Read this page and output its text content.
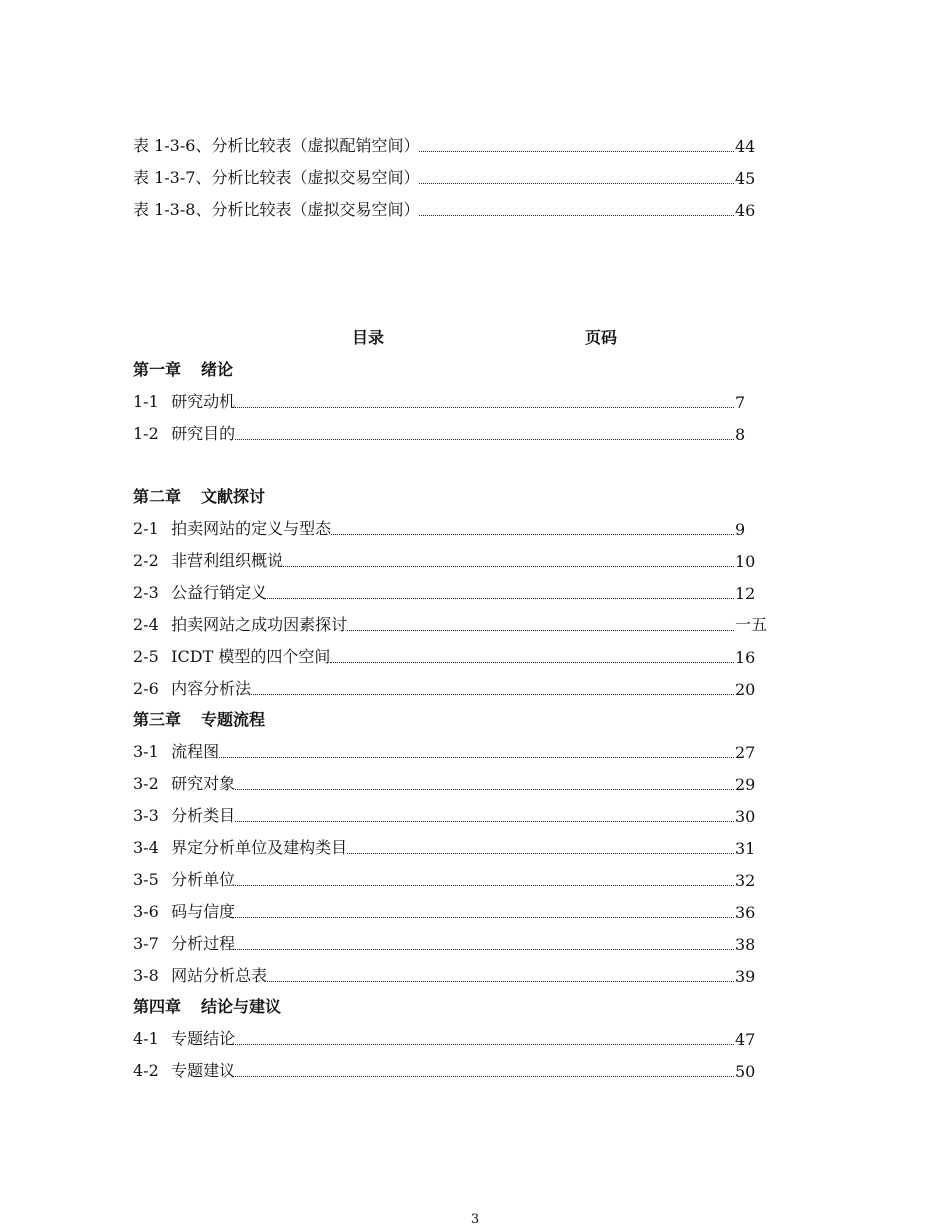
表 1-3-6、分析比较表（虚拟配销空间）	44
表 1-3-7、分析比较表（虚拟交易空间）	45
表 1-3-8、分析比较表（虚拟交易空间）	46
目录	页码
第一章 绪论
1-1 研究动机	7
1-2 研究目的	8
第二章 文献探讨
2-1 拍卖网站的定义与型态	9
2-2 非营利组织概说	10
2-3 公益行销定义	12
2-4 拍卖网站之成功因素探讨	一五
2-5 ICDT 模型的四个空间	16
2-6 内容分析法	20
第三章 专题流程
3-1 流程图	27
3-2 研究对象	29
3-3 分析类目	30
3-4 界定分析单位及建构类目	31
3-5 分析单位	32
3-6 码与信度	36
3-7 分析过程	38
3-8 网站分析总表	39
第四章 结论与建议
4-1 专题结论	47
4-2 专题建议	50
3
